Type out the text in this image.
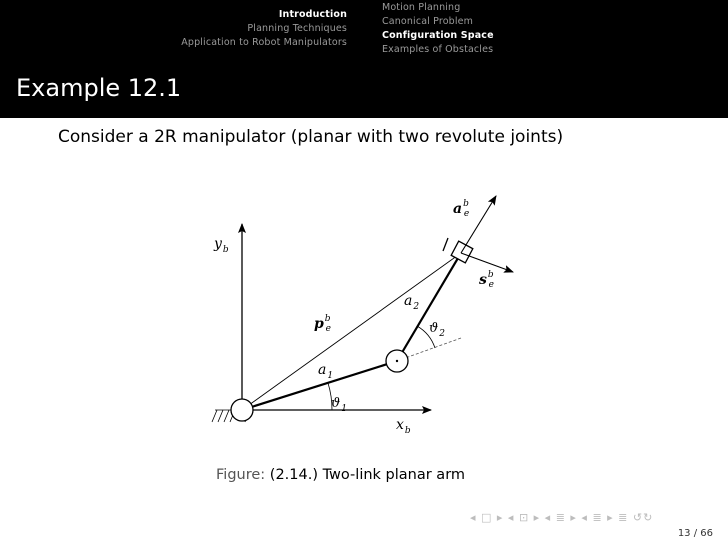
Introduction
Planning Techniques
Application to Robot Manipulators
Motion Planning
Canonical Problem
Configuration Space
Examples of Obstacles
Example 12.1
Consider a 2R manipulator (planar with two revolute joints)
$y_b$
$x_b$
$p^b$ e
$a_1$
$a_2$
$ϑ_1$
$ϑ_2$
$a^b$ e
$s^b$ e
Figure: (2.14.) Two-link planar arm
◂ □ ▸ ◂ ⊡ ▸ ◂ ≣ ▸ ◂ ≣ ▸ ≣ ↺↻
13 / 66
